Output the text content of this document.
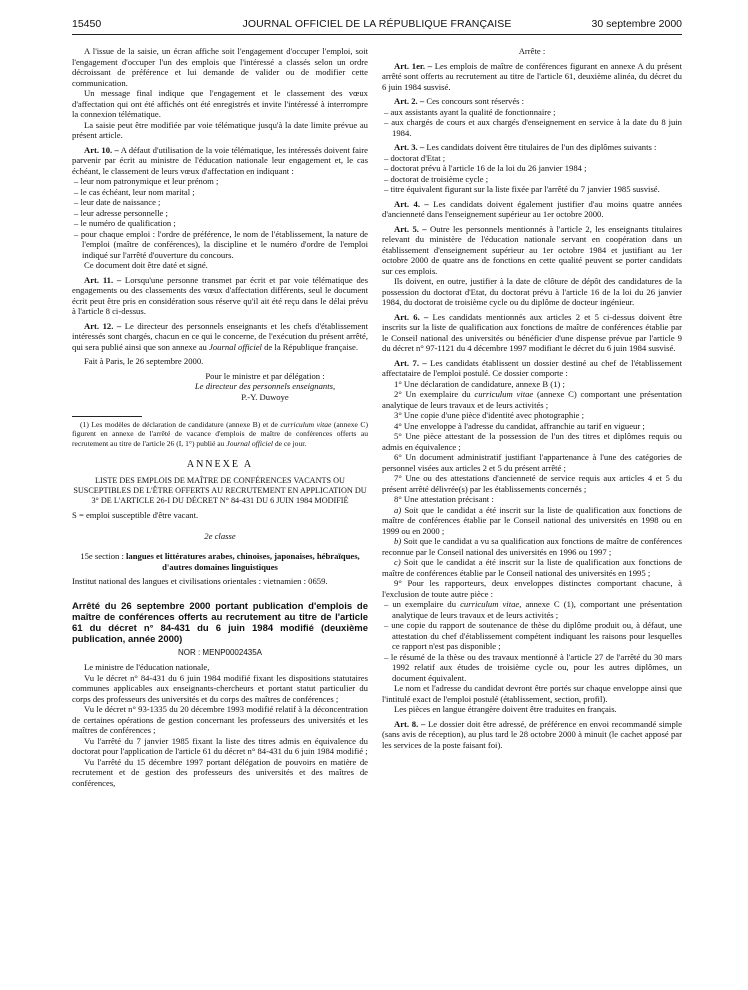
15450	JOURNAL OFFICIEL DE LA RÉPUBLIQUE FRANÇAISE	30 septembre 2000

A l'issue de la saisie, un écran affiche soit l'engagement d'occuper l'emploi, soit l'engagement d'occuper l'un des emplois que l'intéressé a classés selon un ordre décroissant de préférence et lui demande de valider ou de modifier cette communication.

Un message final indique que l'engagement et le classement des vœux d'affectation qui ont été affichés ont été enregistrés et invite l'intéressé à interrompre la connexion télématique.

La saisie peut être modifiée par voie télématique jusqu'à la date limite prévue au présent article.

Art. 10. – A défaut d'utilisation de la voie télématique, les intéressés doivent faire parvenir par écrit au ministre de l'éducation nationale leur engagement et, le cas échéant, le classement de leurs vœux d'affectation en indiquant :

– leur nom patronymique et leur prénom ;

– le cas échéant, leur nom marital ;

– leur date de naissance ;

– leur adresse personnelle ;

– le numéro de qualification ;

– pour chaque emploi : l'ordre de préférence, le nom de l'établissement, la nature de l'emploi (maître de conférences), la discipline et le numéro d'ordre de l'emploi indiqué sur l'arrêté d'ouverture du concours.

Ce document doit être daté et signé.

Art. 11. – Lorsqu'une personne transmet par écrit et par voie télématique des engagements ou des classements des vœux d'affectation différents, seul le document écrit peut être pris en considération sous réserve qu'il ait été reçu dans le délai prévu à l'article 8 ci-dessus.

Art. 12. – Le directeur des personnels enseignants et les chefs d'établissement intéressés sont chargés, chacun en ce qui le concerne, de l'exécution du présent arrêté, qui sera publié ainsi que son annexe au Journal officiel de la République française.

Fait à Paris, le 26 septembre 2000.

Pour le ministre et par délégation :

Le directeur des personnels enseignants,

P.-Y. Duwoye

(1) Les modèles de déclaration de candidature (annexe B) et de curriculum vitae (annexe C) figurent en annexe de l'arrêté de vacance d'emplois de maître de conférences offerts au recrutement au titre de l'article 26 (I, 1°) publié au Journal officiel de ce jour.

ANNEXE A

LISTE DES EMPLOIS DE MAÎTRE DE CONFÉRENCES VACANTS OU SUSCEPTIBLES DE L'ÊTRE OFFERTS AU RECRUTEMENT EN APPLICATION DU 3° DE L'ARTICLE 26-I DU DÉCRET N° 84-431 DU 6 JUIN 1984 MODIFIÉ

S = emploi susceptible d'être vacant.

2e classe

15e section : langues et littératures arabes, chinoises, japonaises, hébraïques, d'autres domaines linguistiques

Institut national des langues et civilisations orientales : vietnamien : 0659.

Arrêté du 26 septembre 2000 portant publication d'emplois de maître de conférences offerts au recrutement au titre de l'article 61 du décret n° 84-431 du 6 juin 1984 modifié (deuxième publication, année 2000)

NOR : MENP0002435A

Le ministre de l'éducation nationale,

Vu le décret n° 84-431 du 6 juin 1984 modifié fixant les dispositions statutaires communes applicables aux enseignants-chercheurs et portant statut particulier du corps des professeurs des universités et du corps des maîtres de conférences ;

Vu le décret n° 93-1335 du 20 décembre 1993 modifié relatif à la déconcentration de certaines opérations de gestion concernant les professeurs des universités et les maîtres de conférences ;

Vu l'arrêté du 7 janvier 1985 fixant la liste des titres admis en équivalence du doctorat pour l'application de l'article 61 du décret n° 84-431 du 6 juin 1984 modifié ;

Vu l'arrêté du 15 décembre 1997 portant délégation de pouvoirs en matière de recrutement et de gestion des professeurs des universités et des maîtres de conférences,

Arrête :

Art. 1er. – Les emplois de maître de conférences figurant en annexe A du présent arrêté sont offerts au recrutement au titre de l'article 61, deuxième alinéa, du décret du 6 juin 1984 susvisé.

Art. 2. – Ces concours sont réservés :

– aux assistants ayant la qualité de fonctionnaire ;

– aux chargés de cours et aux chargés d'enseignement en service à la date du 8 juin 1984.

Art. 3. – Les candidats doivent être titulaires de l'un des diplômes suivants :

– doctorat d'Etat ;

– doctorat prévu à l'article 16 de la loi du 26 janvier 1984 ;

– doctorat de troisième cycle ;

– titre équivalent figurant sur la liste fixée par l'arrêté du 7 janvier 1985 susvisé.

Art. 4. – Les candidats doivent également justifier d'au moins quatre années d'ancienneté dans l'enseignement supérieur au 1er octobre 2000.

Art. 5. – Outre les personnels mentionnés à l'article 2, les enseignants titulaires relevant du ministère de l'éducation nationale servant en coopération dans un établissement d'enseignement supérieur au 1er octobre 1984 et justifiant au 1er octobre 2000 de quatre ans de fonctions en cette qualité peuvent se porter candidats sur ces emplois.

Ils doivent, en outre, justifier à la date de clôture de dépôt des candidatures de la possession du doctorat d'Etat, du doctorat prévu à l'article 16 de la loi du 26 janvier 1984, du doctorat de troisième cycle ou du diplôme de docteur ingénieur.

Art. 6. – Les candidats mentionnés aux articles 2 et 5 ci-dessus doivent être inscrits sur la liste de qualification aux fonctions de maître de conférences établie par le Conseil national des universités ou bénéficier d'une dispense prévue par l'article 9 du décret n° 97-1121 du 4 décembre 1997 modifiant le décret du 6 juin 1984 susvisé.

Art. 7. – Les candidats établissent un dossier destiné au chef de l'établissement affectataire de l'emploi postulé. Ce dossier comporte :

1° Une déclaration de candidature, annexe B (1) ;

2° Un exemplaire du curriculum vitae (annexe C) comportant une présentation analytique de leurs travaux et de leurs activités ;

3° Une copie d'une pièce d'identité avec photographie ;

4° Une enveloppe à l'adresse du candidat, affranchie au tarif en vigueur ;

5° Une pièce attestant de la possession de l'un des titres et diplômes requis ou admis en équivalence ;

6° Un document administratif justifiant l'appartenance à l'une des catégories de personnel visées aux articles 2 et 5 du présent arrêté ;

7° Une ou des attestations d'ancienneté de service requis aux articles 4 et 5 du présent arrêté délivrée(s) par les établissements concernés ;

8° Une attestation précisant :

a) Soit que le candidat a été inscrit sur la liste de qualification aux fonctions de maître de conférences établie par le Conseil national des universités en 1998 ou en 1999 ou en 2000 ;

b) Soit que le candidat a vu sa qualification aux fonctions de maître de conférences reconnue par le Conseil national des universités en 1996 ou 1997 ;

c) Soit que le candidat a été inscrit sur la liste de qualification aux fonctions de maître de conférences établie par le Conseil national des universités en 1995 ;

9° Pour les rapporteurs, deux enveloppes distinctes comportant chacune, à l'exclusion de toute autre pièce :

– un exemplaire du curriculum vitae, annexe C (1), comportant une présentation analytique de leurs travaux et de leurs activités ;

– une copie du rapport de soutenance de thèse du diplôme produit ou, à défaut, une attestation du chef d'établissement compétent indiquant les raisons pour lesquelles ce rapport n'est pas disponible ;

– le résumé de la thèse ou des travaux mentionné à l'article 27 de l'arrêté du 30 mars 1992 relatif aux études de troisième cycle ou, pour les autres diplômes, un document équivalent.

Le nom et l'adresse du candidat devront être portés sur chaque enveloppe ainsi que l'intitulé exact de l'emploi postulé (établissement, section, profil).

Les pièces en langue étrangère doivent être traduites en français.

Art. 8. – Le dossier doit être adressé, de préférence en envoi recommandé simple (sans avis de réception), au plus tard le 28 octobre 2000 à minuit (le cachet apposé par les services de la poste faisant foi).
